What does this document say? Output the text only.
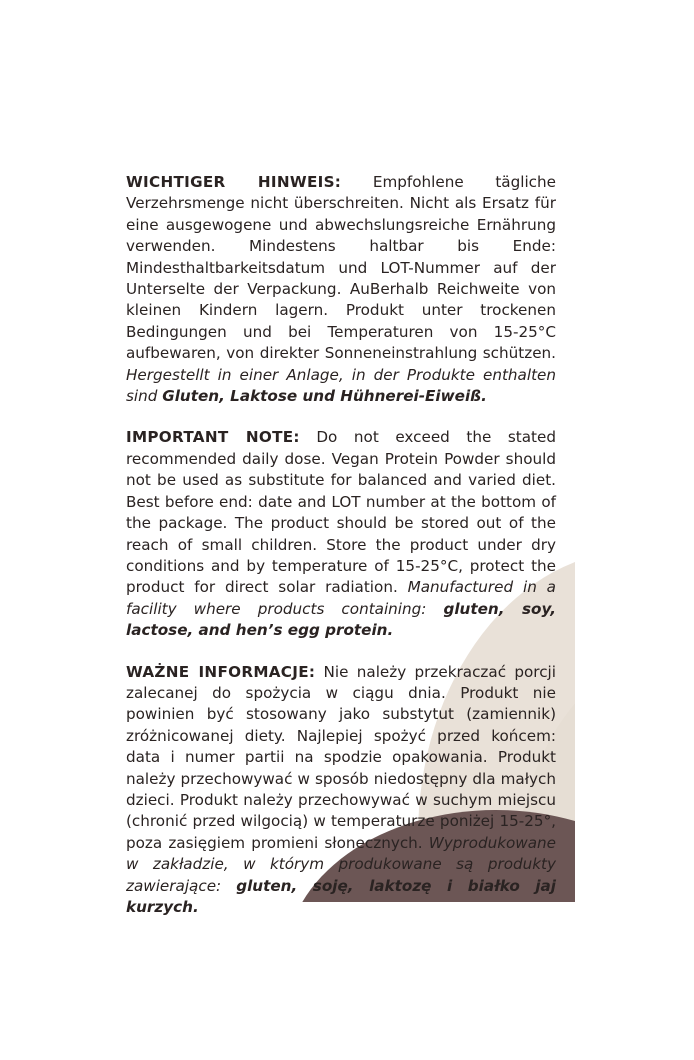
WICHTIGER HINWEIS: Empfohlene tägliche Verzehrsmenge nicht überschreiten. Nicht als Ersatz für eine ausgewogene und abwechslungsreiche Ernährung verwenden. Mindestens haltbar bis Ende: Mindesthaltbarkeitsdatum und LOT-Nummer auf der Unterselte der Verpackung. AuBerhalb Reichweite von kleinen Kindern lagern. Produkt unter trockenen Bedingungen und bei Temperaturen von 15-25°C aufbewaren, von direkter Sonneneinstrahlung schützen. Hergestellt in einer Anlage, in der Produkte enthalten sind Gluten, Laktose und Hühnerei-Eiweiß.

IMPORTANT NOTE: Do not exceed the stated recommended daily dose. Vegan Protein Powder should not be used as substitute for balanced and varied diet. Best before end: date and LOT number at the bottom of the package. The product should be stored out of the reach of small children. Store the product under dry conditions and by temperature of 15-25°C, protect the product for direct solar radiation. Manufactured in a facility where products containing: gluten, soy, lactose, and hen’s egg protein.

WAŻNE INFORMACJE: Nie należy przekraczać porcji zalecanej do spożycia w ciągu dnia. Produkt nie powinien być stosowany jako substytut (zamiennik) zróżnicowanej diety. Najlepiej spożyć przed końcem: data i numer partii na spodzie opakowania. Produkt należy przechowywać w sposób niedostępny dla małych dzieci. Produkt należy przechowywać w suchym miejscu (chronić przed wilgocią) w temperaturze poniżej 15-25°, poza zasięgiem promieni słonecznych. Wyprodukowane w zakładzie, w którym produkowane są produkty zawierające: gluten, soję, laktozę i białko jaj kurzych.
